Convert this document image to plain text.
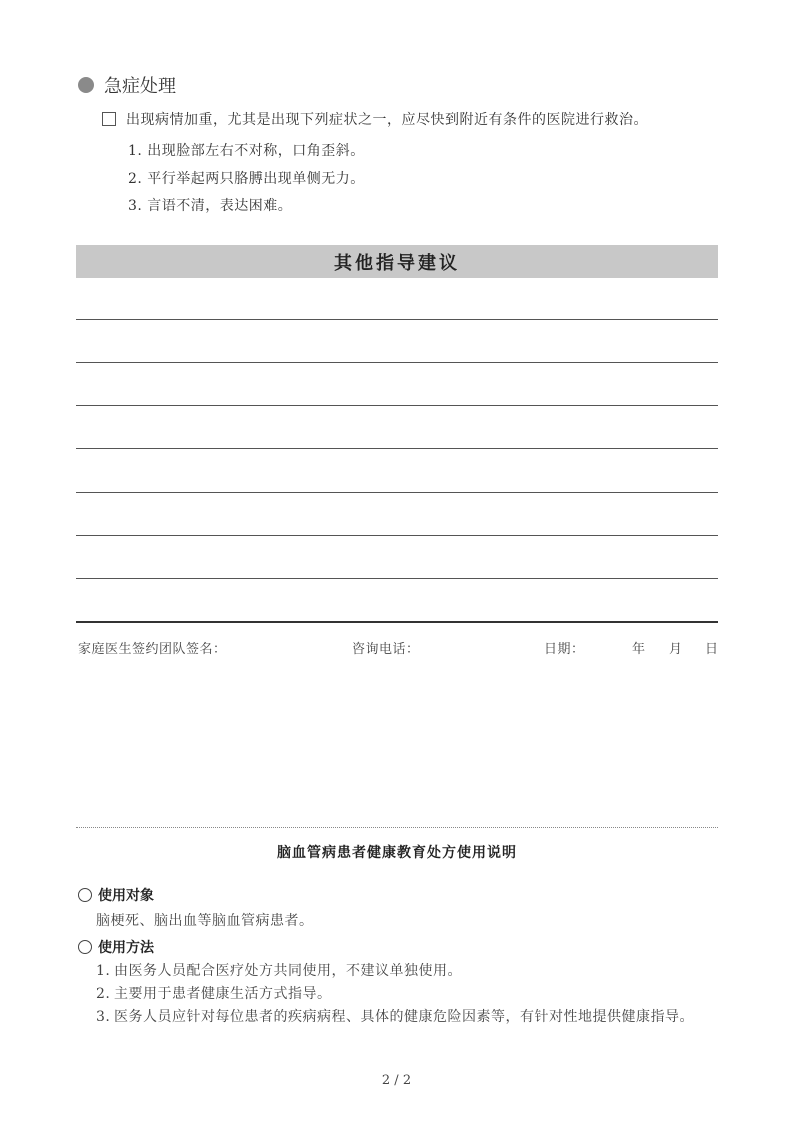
急症处理
出现病情加重，尤其是出现下列症状之一，应尽快到附近有条件的医院进行救治。
1. 出现脸部左右不对称，口角歪斜。
2. 平行举起两只胳膊出现单侧无力。
3. 言语不清，表达困难。
其他指导建议
家庭医生签约团队签名：	咨询电话：	日期：	年 月 日
脑血管病患者健康教育处方使用说明
使用对象
脑梗死、脑出血等脑血管病患者。
使用方法
1. 由医务人员配合医疗处方共同使用，不建议单独使用。
2. 主要用于患者健康生活方式指导。
3. 医务人员应针对每位患者的疾病病程、具体的健康危险因素等，有针对性地提供健康指导。
2 / 2
